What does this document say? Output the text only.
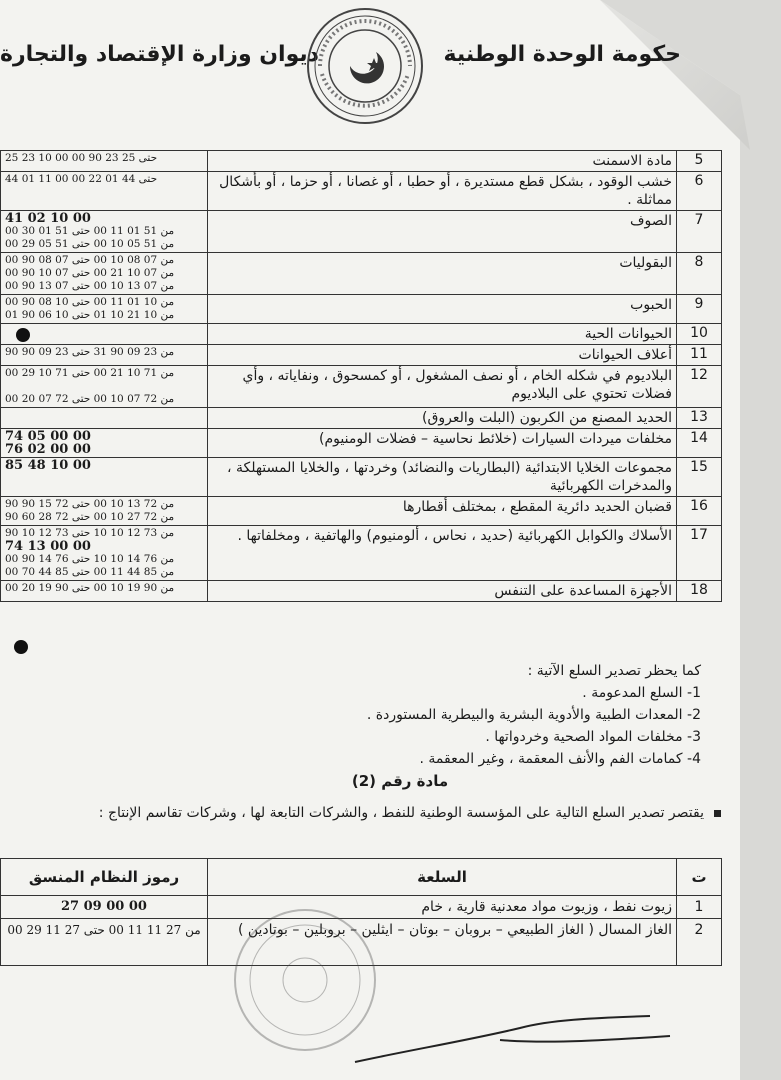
حكومة الوحدة الوطنية
ديوان وزارة الإقتصاد والتجارة
5	مادة الاسمنت	25 23 10 00 حتى 25 23 90 00

6	خشب الوقود ، بشكل قطع مستديرة ، أو حطبا ، أو غصانا ، أو حزما ، أو بأشكال مماثلة .	44 01 11 00 حتى 44 01 22 00

7	الصوف	41 02 10 00
من 51 01 11 00 حتى 51 01 30 00
من 51 05 10 00 حتى 51 05 29 00

8	البقوليات	من 07 08 10 00 حتى 07 08 90 00
من 07 10 21 00 حتى 07 10 90 00
من 07 13 10 00 حتى 07 13 90 00

9	الحبوب	من 10 01 11 00 حتى 10 08 90 00
من 10 21 10 01 حتى 10 06 90 01

10	الحيوانات الحية	
11	أعلاف الحيوانات	من 23 09 90 31 حتى 23 09 90 90

12	البلاديوم في شكله الخام ، أو نصف المشغول ، أو كمسحوق ، ونفاياته ، وأي فضلات تحتوي على البلاديوم	من 71 10 21 00 حتى 71 10 29 00

من 72 07 10 00 حتى 72 07 20 00

13	الحديد المصنع من الكربون (البلت والعروق)	
14	مخلفات ميردات السيارات (خلائط نحاسية – فضلات الومنيوم)	74 05 00 00
76 02 00 00

15	مجموعات الخلايا الابتدائية (البطاريات والنضائد) وخردتها ، والخلايا المستهلكة ، والمدخرات الكهربائية	85 48 10 00

16	قضبان الحديد دائرية المقطع ، بمختلف أقطارها	من 72 13 10 00 حتى 72 15 90 90
من 72 27 10 00 حتى 72 28 60 90

17	الأسلاك والكوابل الكهربائية (حديد ، نحاس ، ألومنيوم) والهاتفية ، ومخلفاتها .	من 73 12 10 10 حتى 73 12 10 90
74 13 00 00
من 76 14 10 10 حتى 76 14 90 00
من 85 44 11 00 حتى 85 44 70 00

18	الأجهزة المساعدة على التنفس	من 90 19 10 00 حتى 90 19 20 00
كما يحظر تصدير السلع الآتية :
1- السلع المدعومة .
2- المعدات الطبية والأدوية البشرية والبيطرية المستوردة .
3- مخلفات المواد الصحية وخردواتها .
4- كمامات الفم والأنف المعقمة ، وغير المعقمة .
مادة رقم (2)
يقتصر تصدير السلع التالية على المؤسسة الوطنية للنفط ، والشركات التابعة لها ، وشركات تقاسم الإنتاج :
ت	السلعة	رموز النظام المنسق
1	زيوت نفط ، وزيوت مواد معدنية قارية ، خام	27 09 00 00
2	الغاز المسال ( الغاز الطبيعي – بروبان – بوتان – ايثلين – بروبلين – بوتادين )	من 27 11 11 00 حتى 27 11 29 00
